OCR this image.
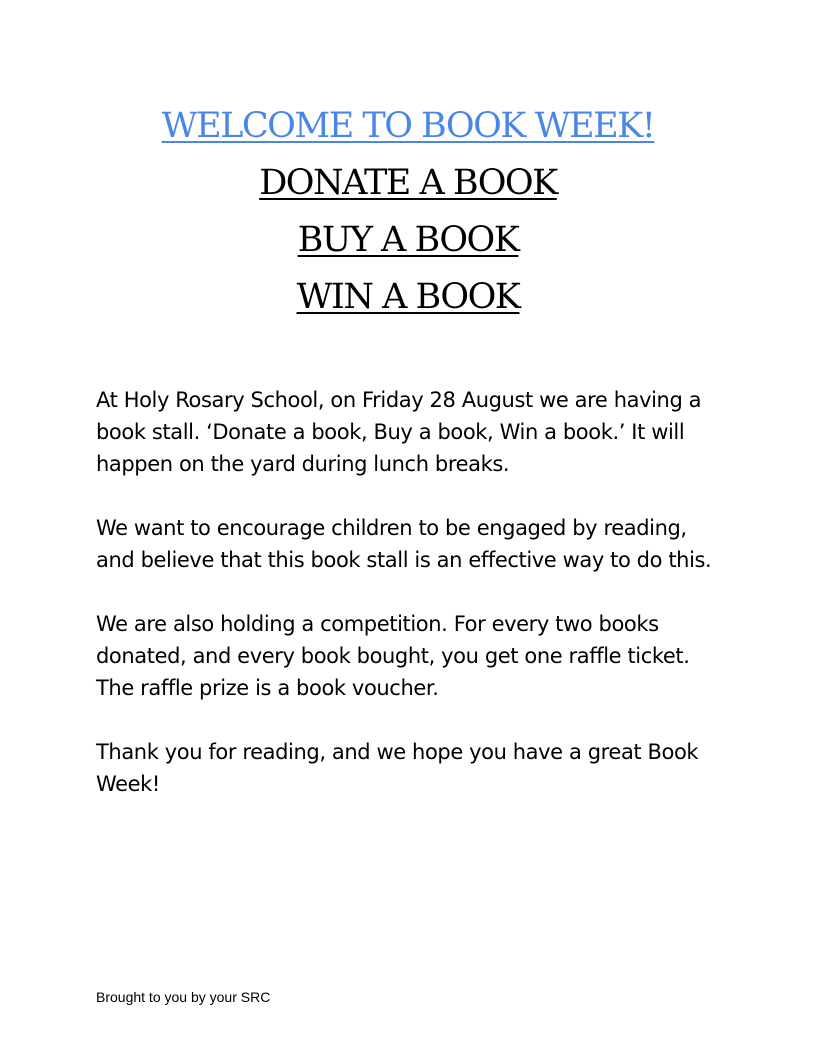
WELCOME TO BOOK WEEK!
DONATE A BOOK
BUY A BOOK
WIN A BOOK

At Holy Rosary School, on Friday 28 August we are having a book stall. ‘Donate a book, Buy a book, Win a book.’ It will happen on the yard during lunch breaks.

We want to encourage children to be engaged by reading, and believe that this book stall is an effective way to do this.

We are also holding a competition. For every two books donated, and every book bought, you get one raffle ticket. The raffle prize is a book voucher.

Thank you for reading, and we hope you have a great Book Week!

Brought to you by your SRC
